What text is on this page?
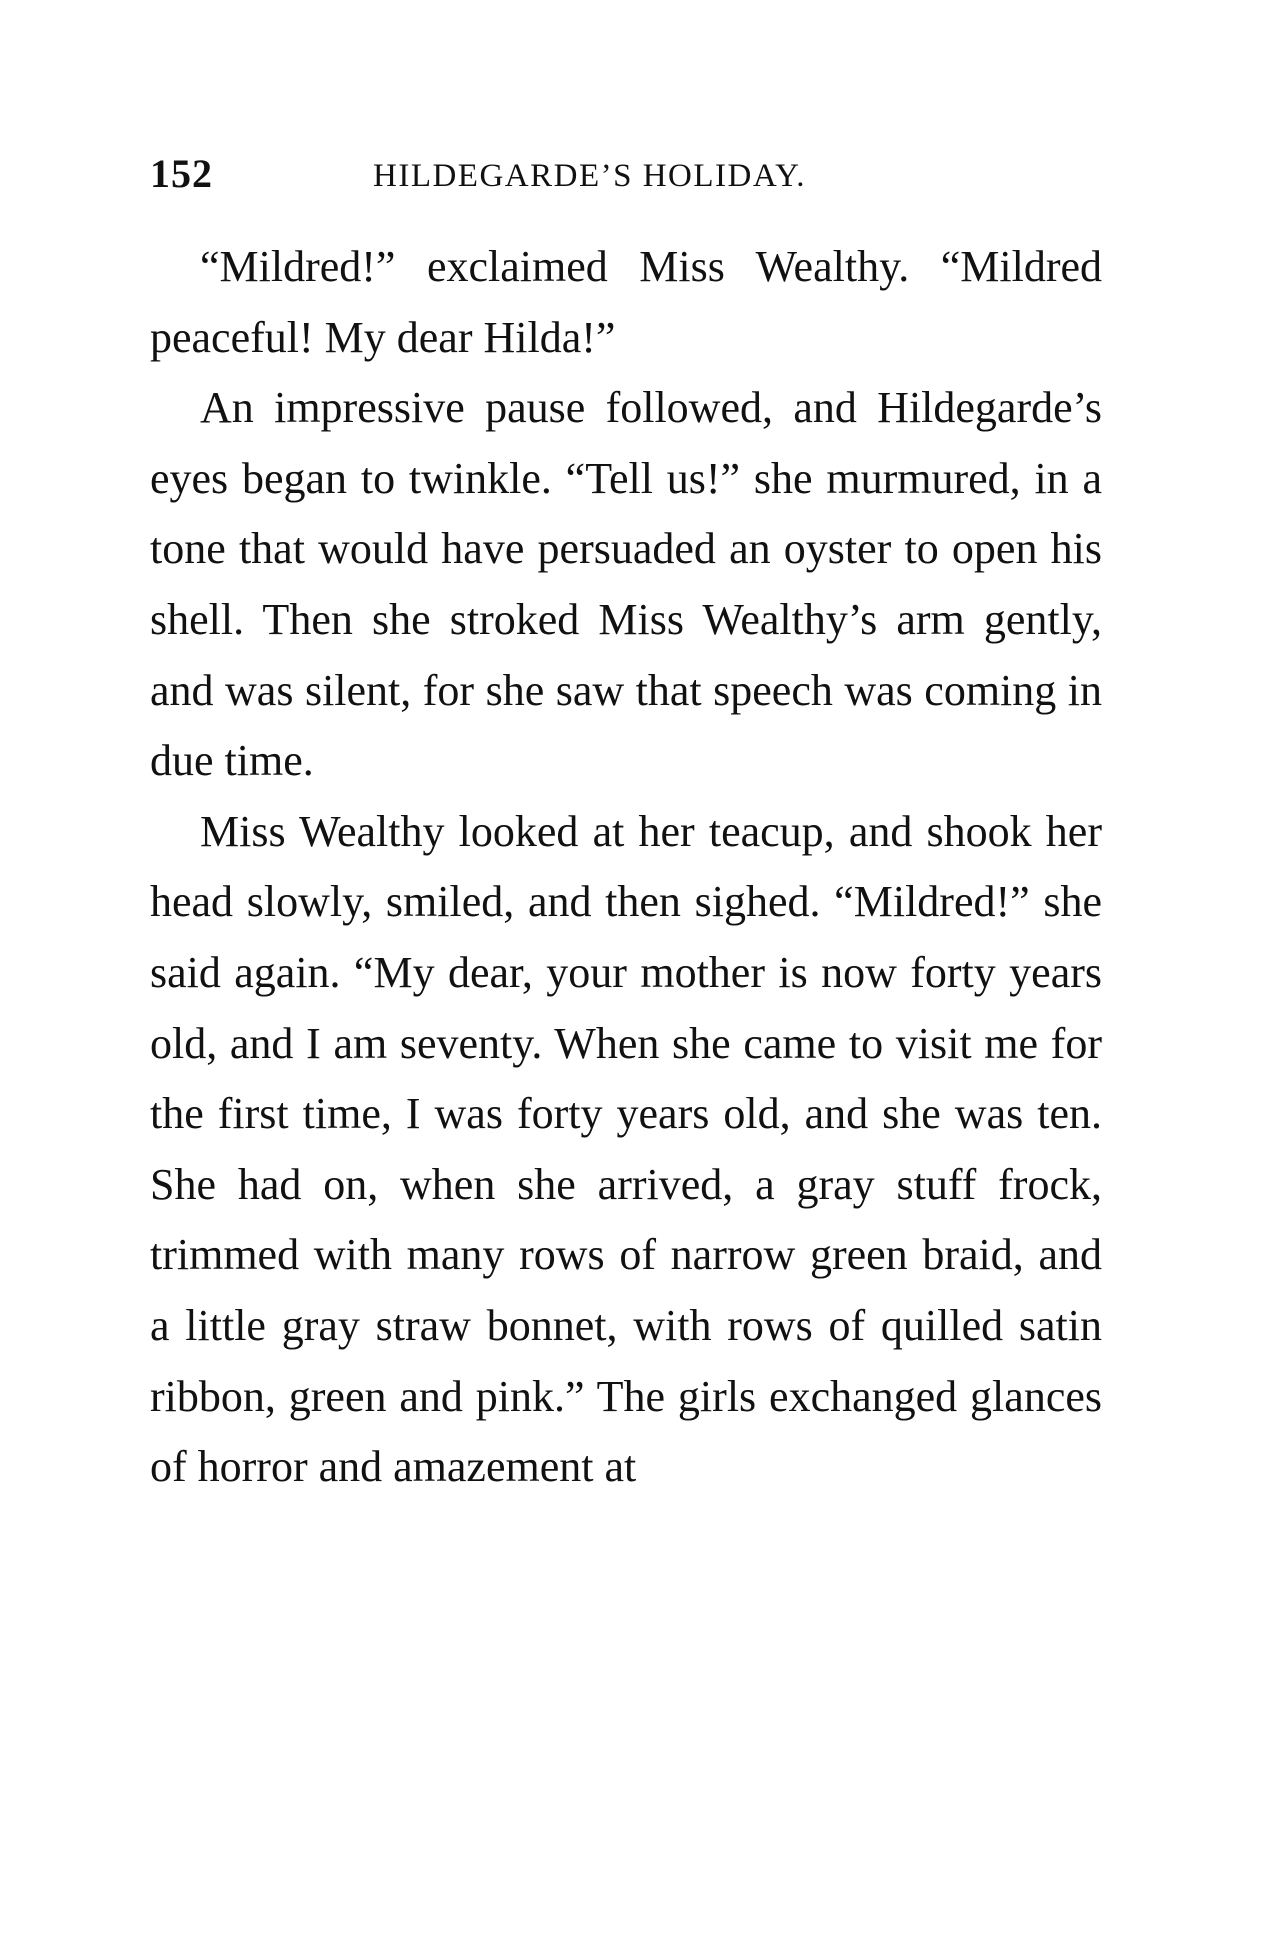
152	HILDEGARDE’S HOLIDAY.

“Mildred!” exclaimed Miss Wealthy. “Mildred peaceful! My dear Hilda!”

An impressive pause followed, and Hildegarde’s eyes began to twinkle. “Tell us!” she murmured, in a tone that would have persuaded an oyster to open his shell. Then she stroked Miss Wealthy’s arm gently, and was silent, for she saw that speech was coming in due time.

Miss Wealthy looked at her teacup, and shook her head slowly, smiled, and then sighed. “Mildred!” she said again. “My dear, your mother is now forty years old, and I am seventy. When she came to visit me for the first time, I was forty years old, and she was ten. She had on, when she arrived, a gray stuff frock, trimmed with many rows of narrow green braid, and a little gray straw bonnet, with rows of quilled satin ribbon, green and pink.” The girls exchanged glances of horror and amazement at
